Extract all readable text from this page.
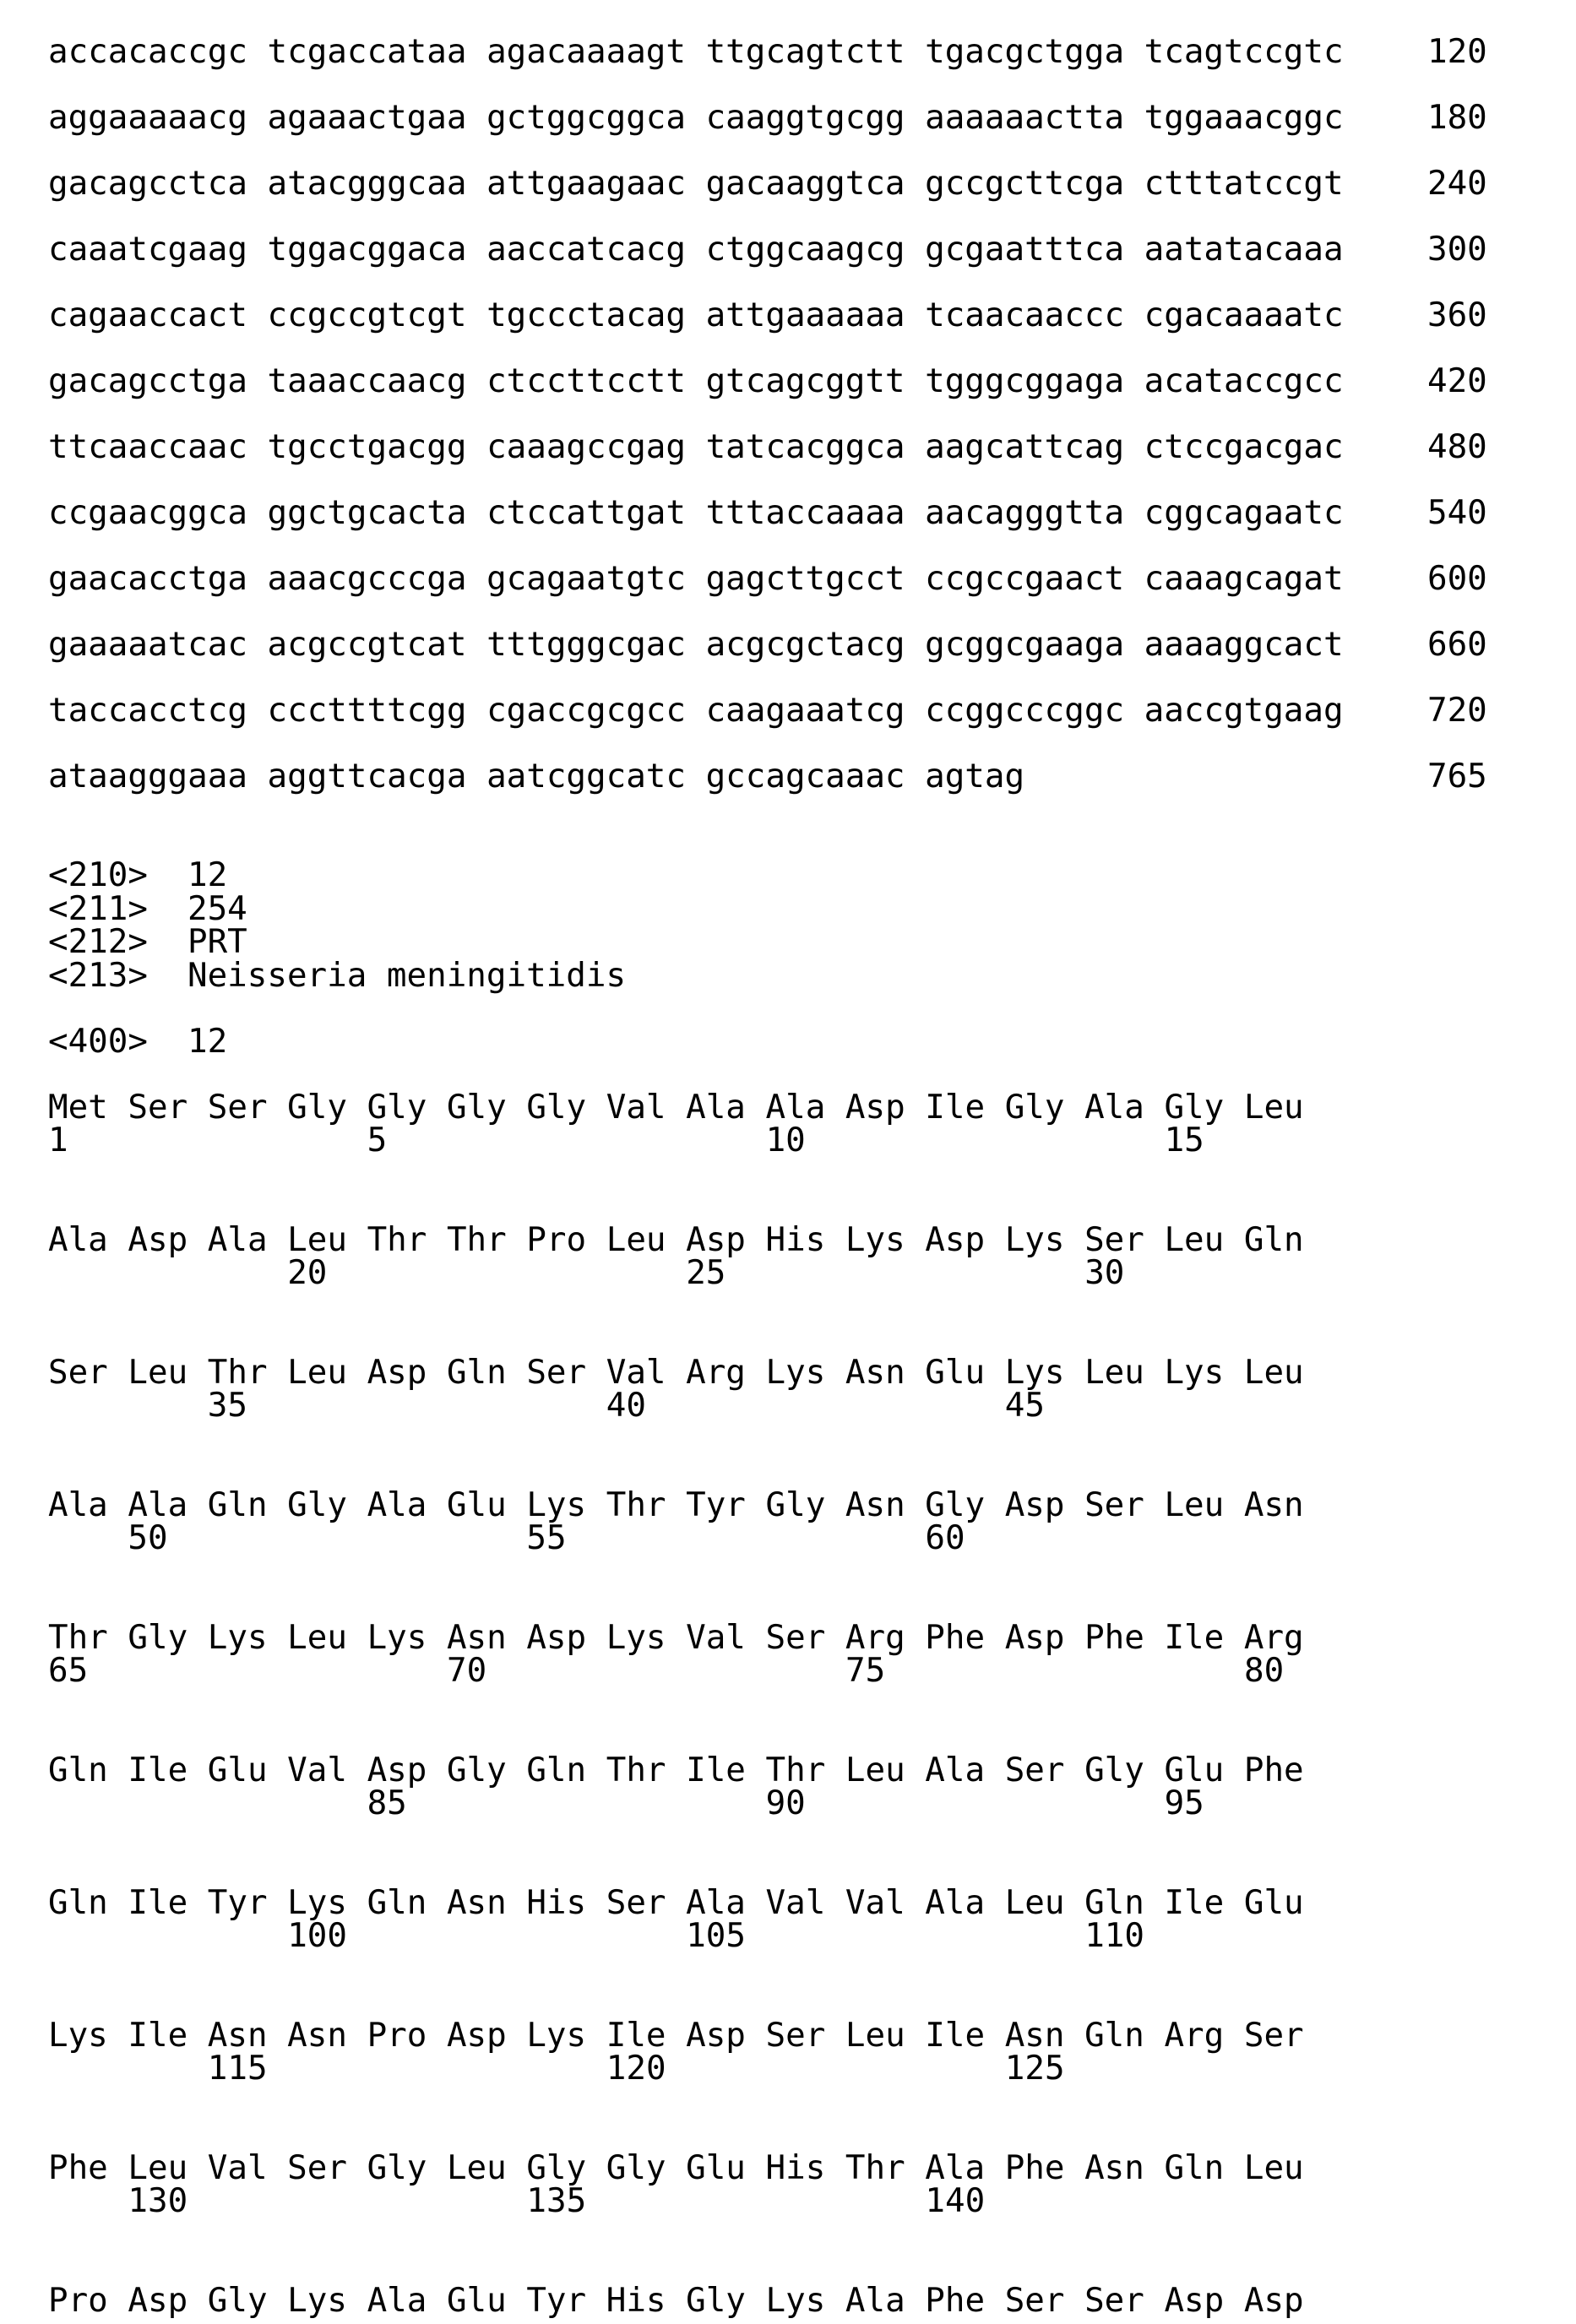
accacaccgc tcgaccataa agacaaaagt ttgcagtctt tgacgctgga tcagtccgtc	120
aggaaaaacg agaaactgaa gctggcggca caaggtgcgg aaaaaactta tggaaacggc	180
gacagcctca atacgggcaa attgaagaac gacaaggtca gccgcttcga ctttatccgt	240
caaatcgaag tggacggaca aaccatcacg ctggcaagcg gcgaatttca aatatacaaa	300
cagaaccact ccgccgtcgt tgccctacag attgaaaaaa tcaacaaccc cgacaaaatc	360
gacagcctga taaaccaacg ctccttcctt gtcagcggtt tgggcggaga acataccgcc	420
ttcaaccaac tgcctgacgg caaagccgag tatcacggca aagcattcag ctccgacgac	480
ccgaacggca ggctgcacta ctccattgat tttaccaaaa aacagggtta cggcagaatc	540
gaacacctga aaacgcccga gcagaatgtc gagcttgcct ccgccgaact caaagcagat	600
gaaaaatcac acgccgtcat tttgggcgac acgcgctacg gcggcgaaga aaaaggcact	660
taccacctcg cccttttcgg cgaccgcgcc caagaaatcg ccggcccggc aaccgtgaag	720
ataagggaaa aggttcacga aatcggcatc gccagcaaac agtag	765
<210> 12
<211> 254
<212> PRT
<213> Neisseria meningitidis
<400> 12
Met Ser Ser Gly Gly Gly Gly Val Ala Ala Asp Ile Gly Ala Gly Leu
1	5	10	15
Ala Asp Ala Leu Thr Thr Pro Leu Asp His Lys Asp Lys Ser Leu Gln
20	25	30
Ser Leu Thr Leu Asp Gln Ser Val Arg Lys Asn Glu Lys Leu Lys Leu
35	40	45
Ala Ala Gln Gly Ala Glu Lys Thr Tyr Gly Asn Gly Asp Ser Leu Asn
50	55	60
Thr Gly Lys Leu Lys Asn Asp Lys Val Ser Arg Phe Asp Phe Ile Arg
65	70	75	80
Gln Ile Glu Val Asp Gly Gln Thr Ile Thr Leu Ala Ser Gly Glu Phe
85	90	95
Gln Ile Tyr Lys Gln Asn His Ser Ala Val Val Ala Leu Gln Ile Glu
100	105	110
Lys Ile Asn Asn Pro Asp Lys Ile Asp Ser Leu Ile Asn Gln Arg Ser
115	120	125
Phe Leu Val Ser Gly Leu Gly Gly Glu His Thr Ala Phe Asn Gln Leu
130	135	140
Pro Asp Gly Lys Ala Glu Tyr His Gly Lys Ala Phe Ser Ser Asp Asp
